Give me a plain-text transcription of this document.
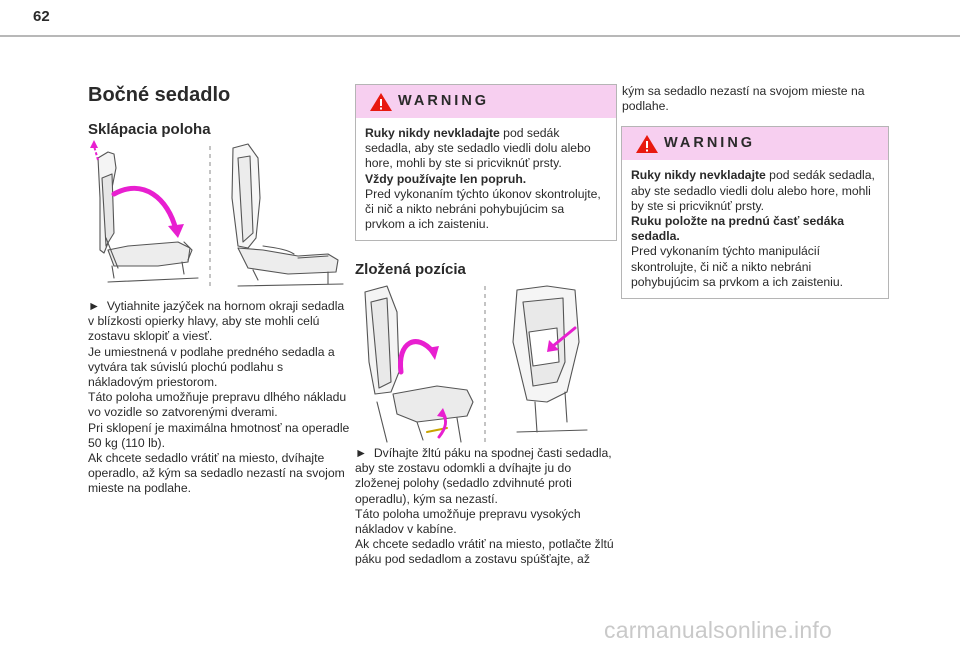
62
Bočné sedadlo
Sklápacia poloha

► Vytiahnite jazýček na hornom okraji sedadla v blízkosti opierky hlavy, aby ste mohli celú zostavu sklopiť a viesť.

Je umiestnená v podlahe predného sedadla a vytvára tak súvislú plochú podlahu s nákladovým priestorom.

Táto poloha umožňuje prepravu dlhého nákladu vo vozidle so zatvorenými dverami.

Pri sklopení je maximálna hmotnosť na operadle 50 kg (110 lb).

Ak chcete sedadlo vrátiť na miesto, dvíhajte operadlo, až kým sa sedadlo nezastí na svojom mieste na podlahe.

WARNING

Ruky nikdy nevkladajte pod sedák sedadla, aby ste sedadlo viedli dolu alebo hore, mohli by ste si pricviknúť prsty.

Vždy používajte len popruh.

Pred vykonaním týchto úkonov skontrolujte, či nič a nikto nebráni pohybujúcim sa prvkom a ich zaisteniu.

Zložená pozícia

► Dvíhajte žltú páku na spodnej časti sedadla, aby ste zostavu odomkli a dvíhajte ju do zloženej polohy (sedadlo zdvihnuté proti operadlu), kým sa nezastí.

Táto poloha umožňuje prepravu vysokých nákladov v kabíne.

Ak chcete sedadlo vrátiť na miesto, potlačte žltú páku pod sedadlom a zostavu spúšťajte, až

kým sa sedadlo nezastí na svojom mieste na podlahe.

WARNING

Ruky nikdy nevkladajte pod sedák sedadla, aby ste sedadlo viedli dolu alebo hore, mohli by ste si pricviknúť prsty.

Ruku položte na prednú časť sedáka sedadla.

Pred vykonaním týchto manipulácií skontrolujte, či nič a nikto nebráni pohybujúcim sa prvkom a ich zaisteniu.

carmanualsonline.info
